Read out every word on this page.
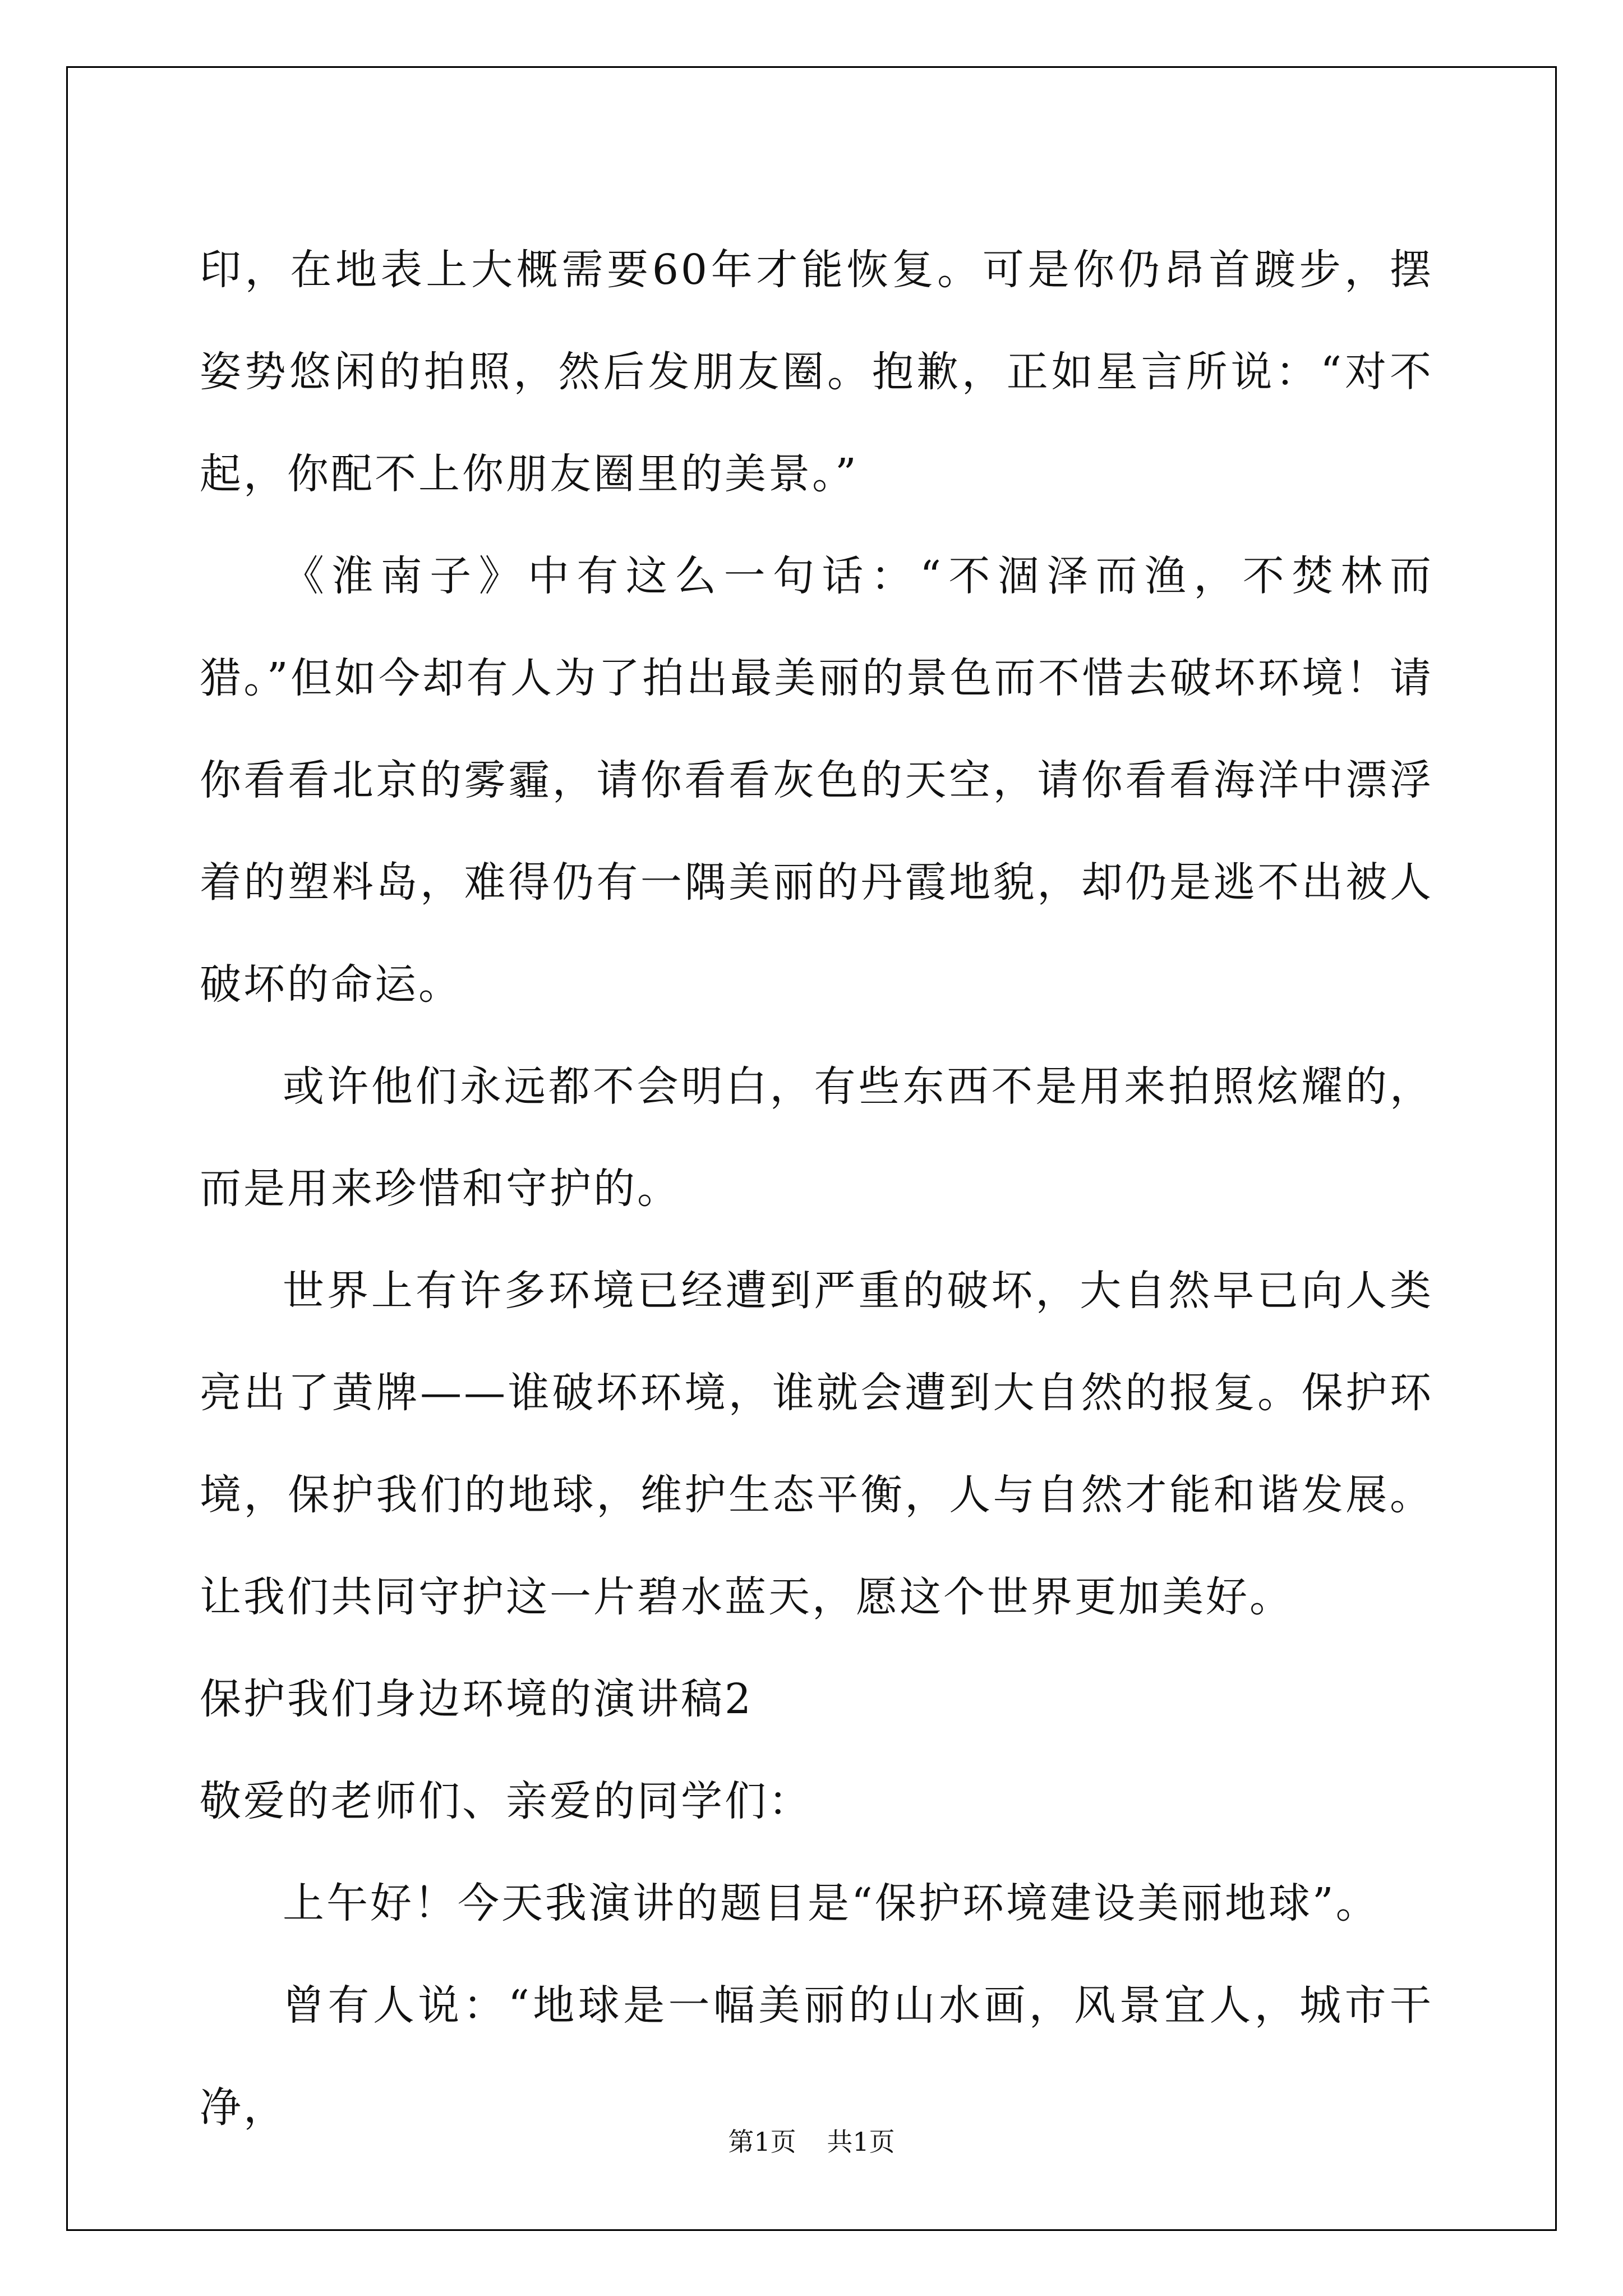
印，在地表上大概需要60年才能恢复。可是你仍昂首踱步，摆姿势悠闲的拍照，然后发朋友圈。抱歉，正如星言所说：“对不起，你配不上你朋友圈里的美景。”

《淮南子》中有这么一句话：“不涸泽而渔，不焚林而猎。”但如今却有人为了拍出最美丽的景色而不惜去破坏环境！请你看看北京的雾霾，请你看看灰色的天空，请你看看海洋中漂浮着的塑料岛，难得仍有一隅美丽的丹霞地貌，却仍是逃不出被人破坏的命运。

或许他们永远都不会明白，有些东西不是用来拍照炫耀的，而是用来珍惜和守护的。

世界上有许多环境已经遭到严重的破坏，大自然早已向人类亮出了黄牌——谁破坏环境，谁就会遭到大自然的报复。保护环境，保护我们的地球，维护生态平衡，人与自然才能和谐发展。让我们共同守护这一片碧水蓝天，愿这个世界更加美好。

保护我们身边环境的演讲稿2

敬爱的老师们、亲爱的同学们：

上午好！今天我演讲的题目是“保护环境建设美丽地球”。

曾有人说：“地球是一幅美丽的山水画，风景宜人，城市干净，

第1页 共1页
